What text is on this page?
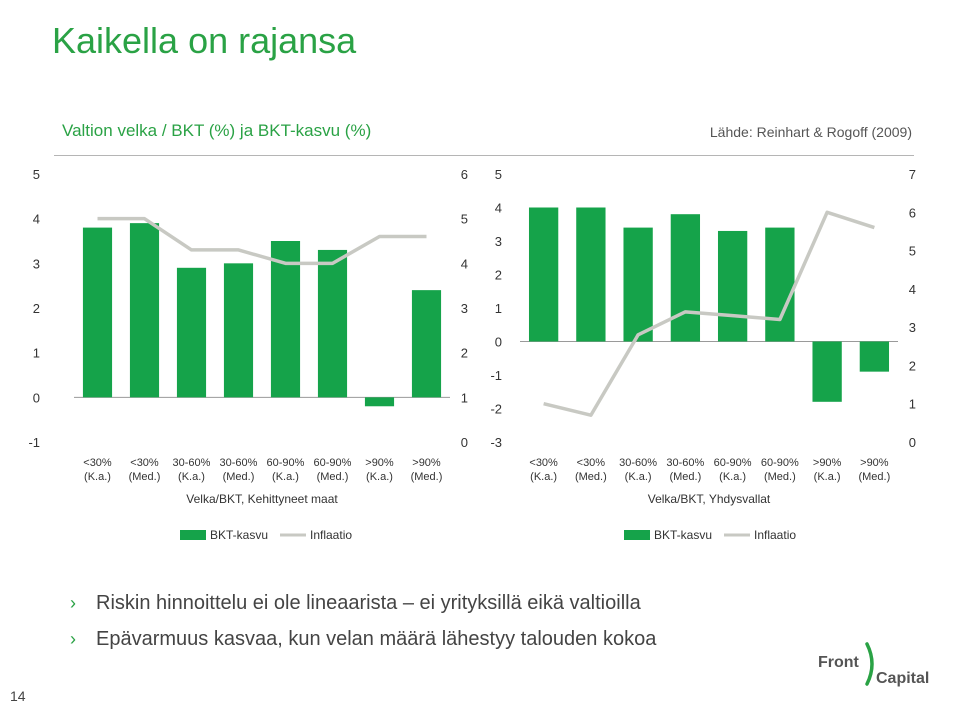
Kaikella on rajansa
Valtion velka / BKT (%) ja BKT-kasvu (%)	Lähde: Reinhart & Rogoff (2009)
-1
0
1
2
3
4
5
0
1
2
3
4
5
6
<30%
(K.a.)
<30%
(Med.)
30-60%
(K.a.)
30-60%
(Med.)
60-90%
(K.a.)
60-90%
(Med.)
>90%
(K.a.)
>90%
(Med.)
Velka/BKT, Kehittyneet maat
BKT-kasvu	Inflaatio
-3
-2
-1
0
1
2
3
4
5
0
1
2
3
4
5
6
7
<30%
(K.a.)
<30%
(Med.)
30-60%
(K.a.)
30-60%
(Med.)
60-90%
(K.a.)
60-90%
(Med.)
>90%
(K.a.)
>90%
(Med.)
Velka/BKT, Yhdysvallat
BKT-kasvu	Inflaatio
› Riskin hinnoittelu ei ole lineaarista – ei yrityksillä eikä valtioilla
› Epävarmuus kasvaa, kun velan määrä lähestyy talouden kokoa
14
Front
Capital
